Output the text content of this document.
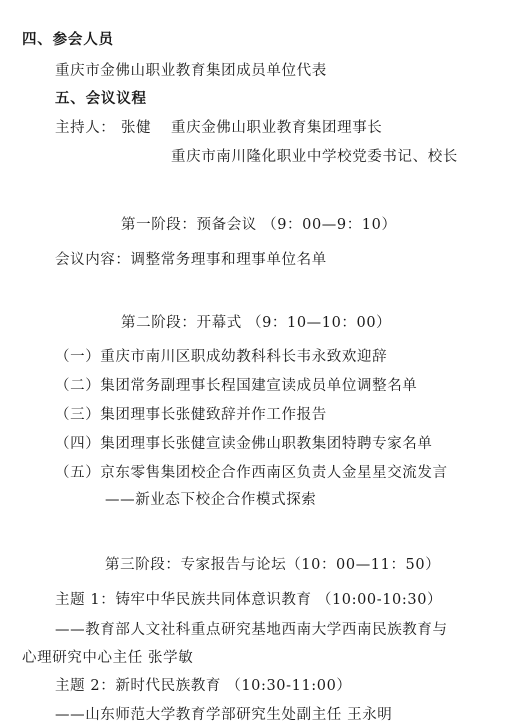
四、参会人员
重庆市金佛山职业教育集团成员单位代表
五、会议议程
主持人： 张健 重庆金佛山职业教育集团理事长
重庆市南川隆化职业中学校党委书记、校长
第一阶段：预备会议 （9：00—9：10）
会议内容：调整常务理事和理事单位名单
第二阶段：开幕式 （9：10—10：00）
（一）重庆市南川区职成幼教科科长韦永致欢迎辞
（二）集团常务副理事长程国建宣读成员单位调整名单
（三）集团理事长张健致辞并作工作报告
（四）集团理事长张健宣读金佛山职教集团特聘专家名单
（五）京东零售集团校企合作西南区负责人金星星交流发言
——新业态下校企合作模式探索
第三阶段：专家报告与论坛（10：00—11：50）
主题 1：铸牢中华民族共同体意识教育 （10:00-10:30）
——教育部人文社科重点研究基地西南大学西南民族教育与
心理研究中心主任 张学敏
主题 2：新时代民族教育 （10:30-11:00）
——山东师范大学教育学部研究生处副主任 王永明
